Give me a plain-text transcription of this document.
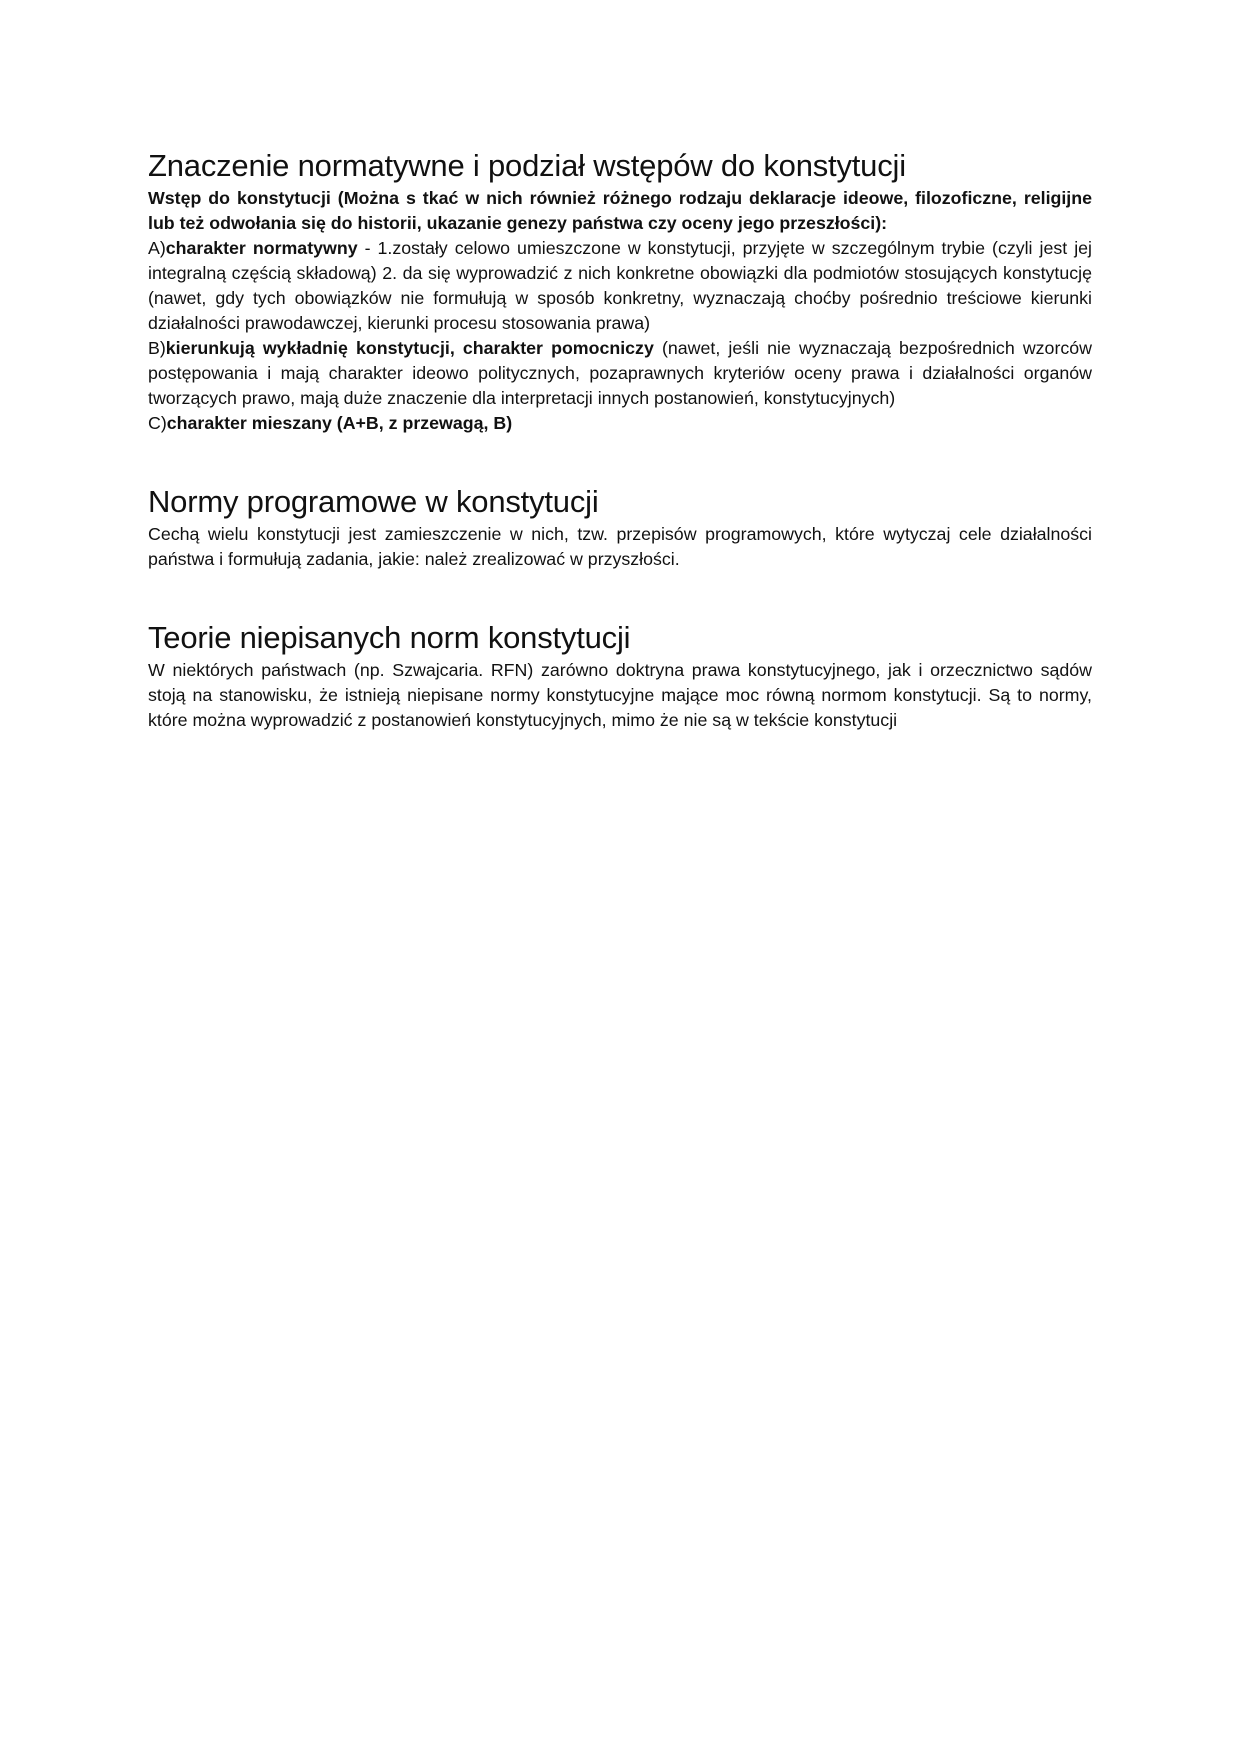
Znaczenie normatywne i podział wstępów do konstytucji

Wstęp do konstytucji (Można s tkać w nich również różnego rodzaju deklaracje ideowe, filozoficzne, religijne lub też odwołania się do historii, ukazanie genezy państwa czy oceny jego przeszłości):

A)charakter normatywny - 1.zostały celowo umieszczone w konstytucji, przyjęte w szczególnym trybie (czyli jest jej integralną częścią składową) 2. da się wyprowadzić z nich konkretne obowiązki dla podmiotów stosujących konstytucję (nawet, gdy tych obowiązków nie formułują w sposób konkretny, wyznaczają choćby pośrednio treściowe kierunki działalności prawodawczej, kierunki procesu stosowania prawa)

B)kierunkują wykładnię konstytucji, charakter pomocniczy (nawet, jeśli nie wyznaczają bezpośrednich wzorców postępowania i mają charakter ideowo politycznych, pozaprawnych kryteriów oceny prawa i działalności organów tworzących prawo, mają duże znaczenie dla interpretacji innych postanowień, konstytucyjnych)

C)charakter mieszany (A+B, z przewagą, B)

Normy programowe w konstytucji

Cechą wielu konstytucji jest zamieszczenie w nich, tzw. przepisów programowych, które wytyczaj cele działalności państwa i formułują zadania, jakie: należ zrealizować w przyszłości.

Teorie niepisanych norm konstytucji

W niektórych państwach (np. Szwajcaria. RFN) zarówno doktryna prawa konstytucyjnego, jak i orzecznictwo sądów stoją na stanowisku, że istnieją niepisane normy konstytucyjne mające moc równą normom konstytucji. Są to normy, które można wyprowadzić z postanowień konstytucyjnych, mimo że nie są w tekście konstytucji
